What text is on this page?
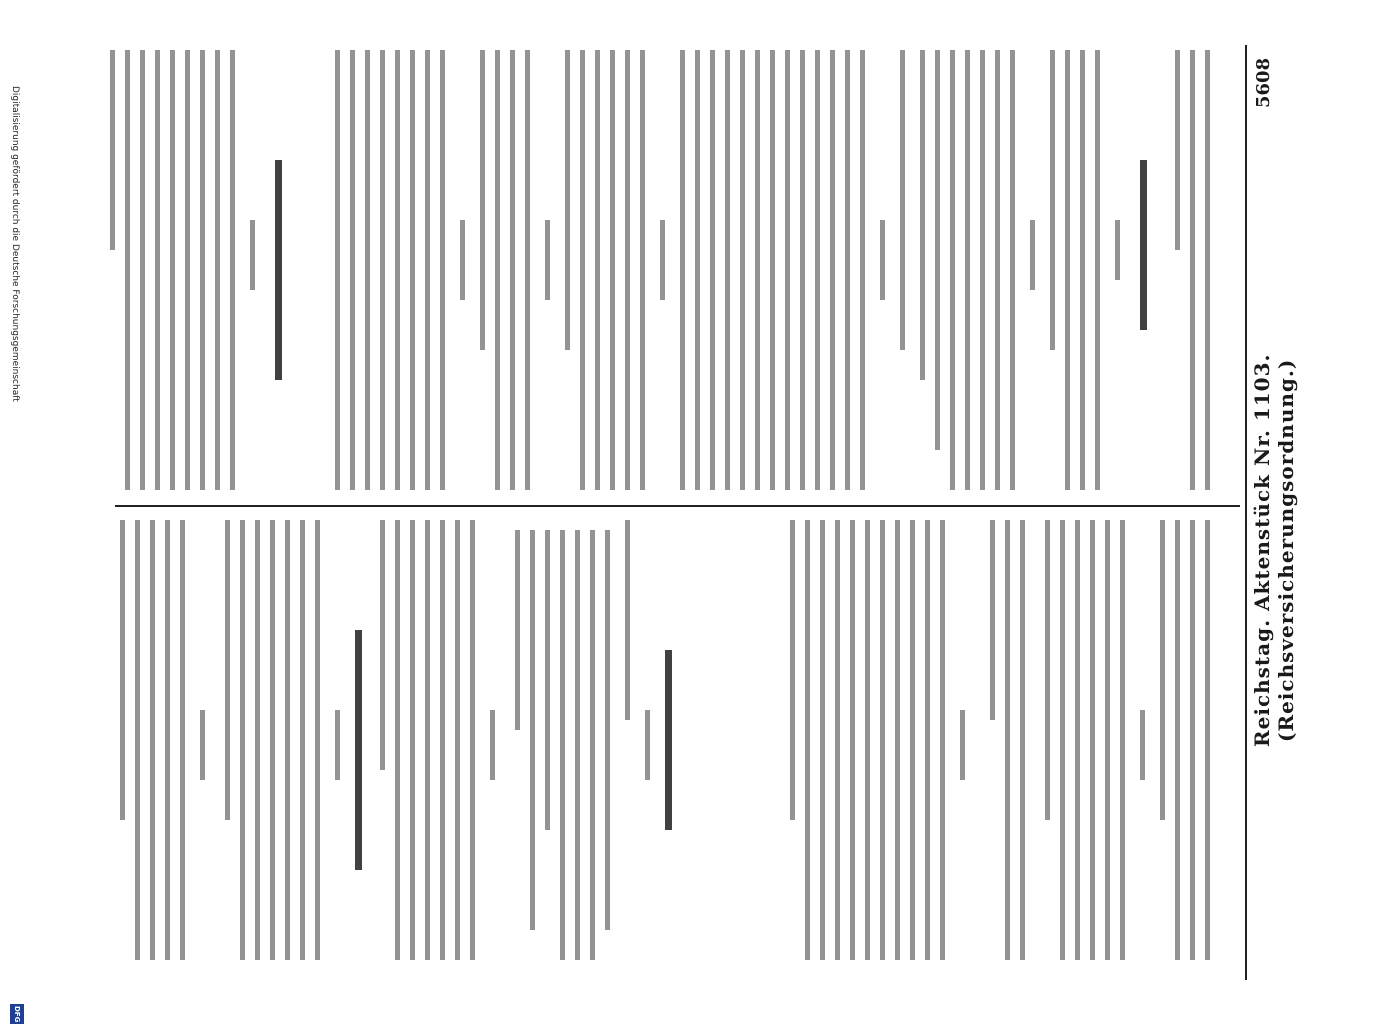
Digitalisierung gefördert durch die Deutsche Forschungsgemeinschaft
DFG
5608
Reichstag. Aktenstück Nr. 1103. (Reichsversicherungsordnung.)
